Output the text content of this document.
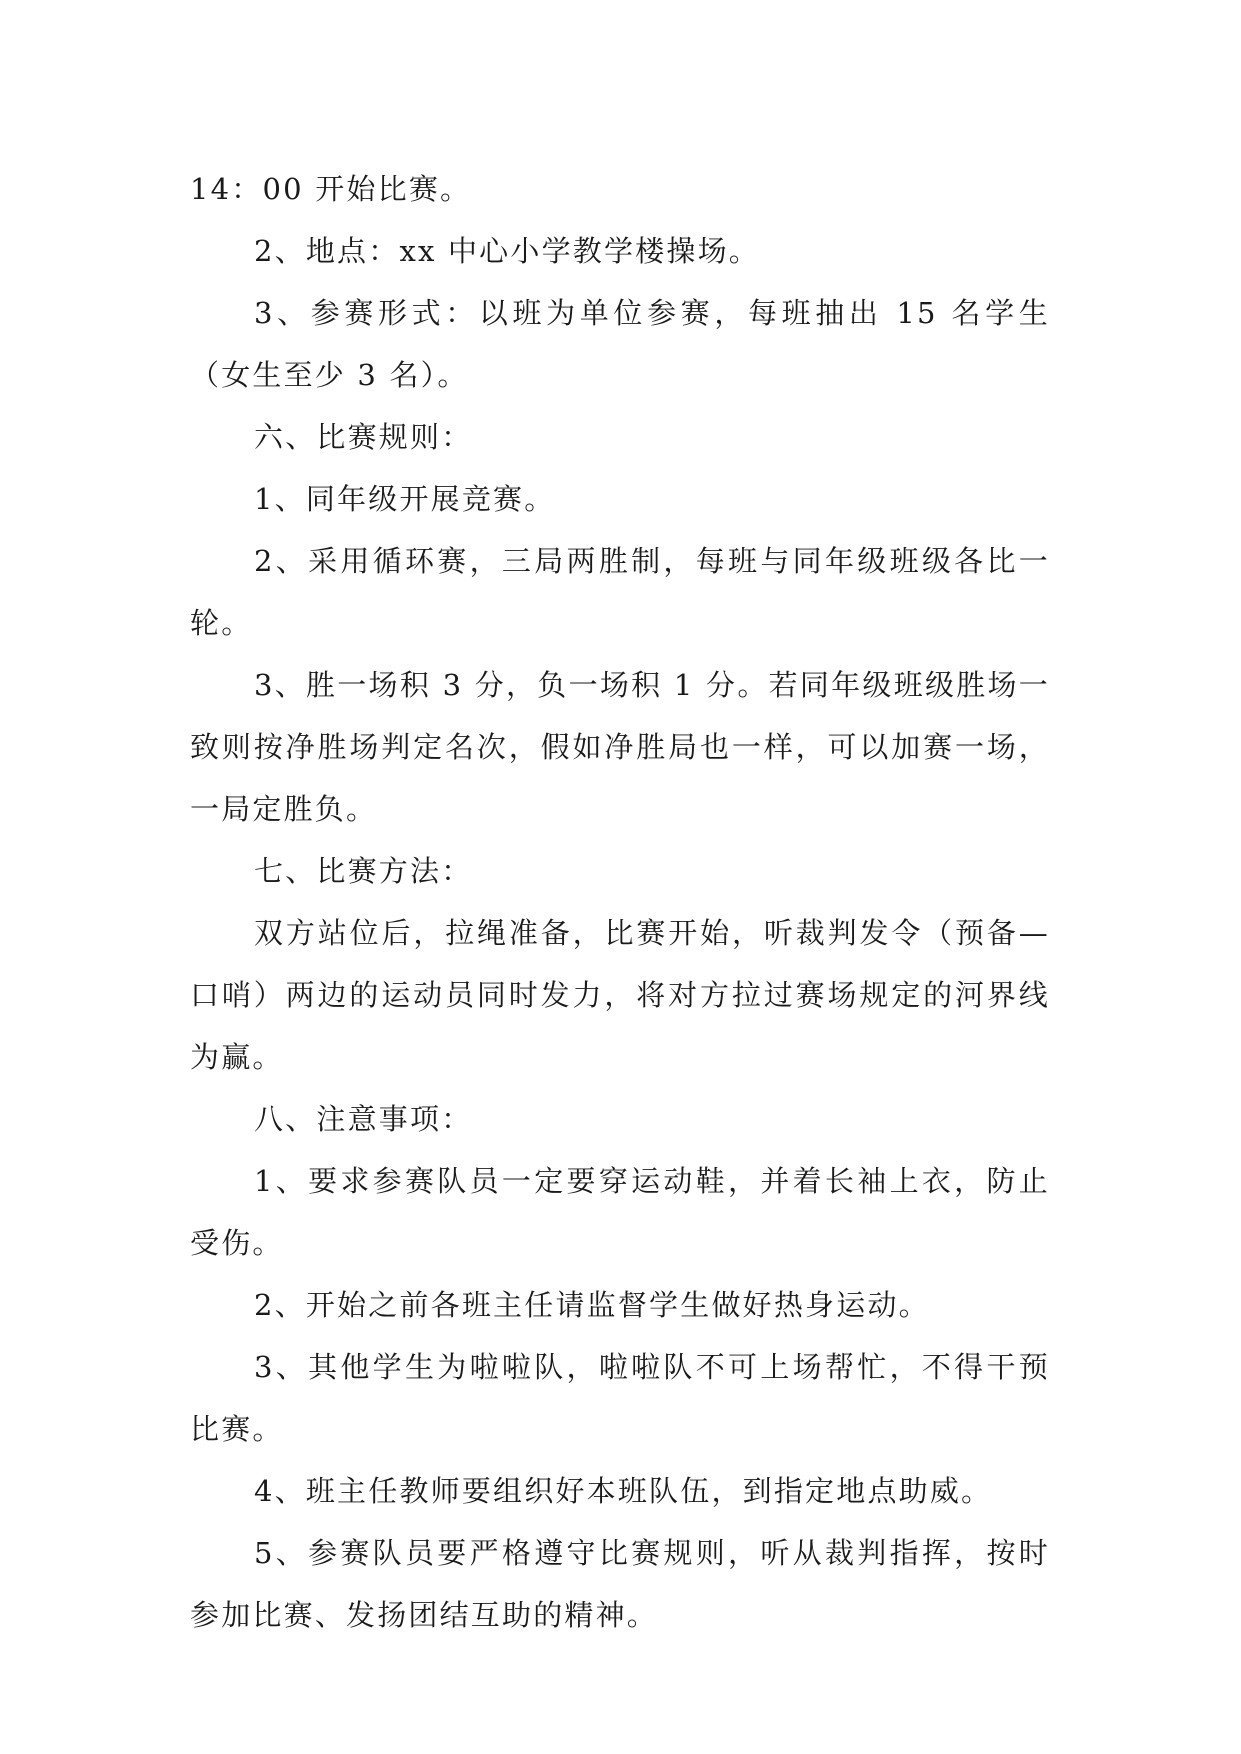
14：00 开始比赛。

2、地点：xx 中心小学教学楼操场。

3、参赛形式：以班为单位参赛，每班抽出 15 名学生（女生至少 3 名）。

六、比赛规则：

1、同年级开展竞赛。

2、采用循环赛，三局两胜制，每班与同年级班级各比一轮。

3、胜一场积 3 分，负一场积 1 分。若同年级班级胜场一致则按净胜场判定名次，假如净胜局也一样，可以加赛一场，一局定胜负。

七、比赛方法：

双方站位后，拉绳准备，比赛开始，听裁判发令（预备—口哨）两边的运动员同时发力，将对方拉过赛场规定的河界线为赢。

八、注意事项：

1、要求参赛队员一定要穿运动鞋，并着长袖上衣，防止受伤。

2、开始之前各班主任请监督学生做好热身运动。

3、其他学生为啦啦队，啦啦队不可上场帮忙，不得干预比赛。

4、班主任教师要组织好本班队伍，到指定地点助威。

5、参赛队员要严格遵守比赛规则，听从裁判指挥，按时参加比赛、发扬团结互助的精神。
